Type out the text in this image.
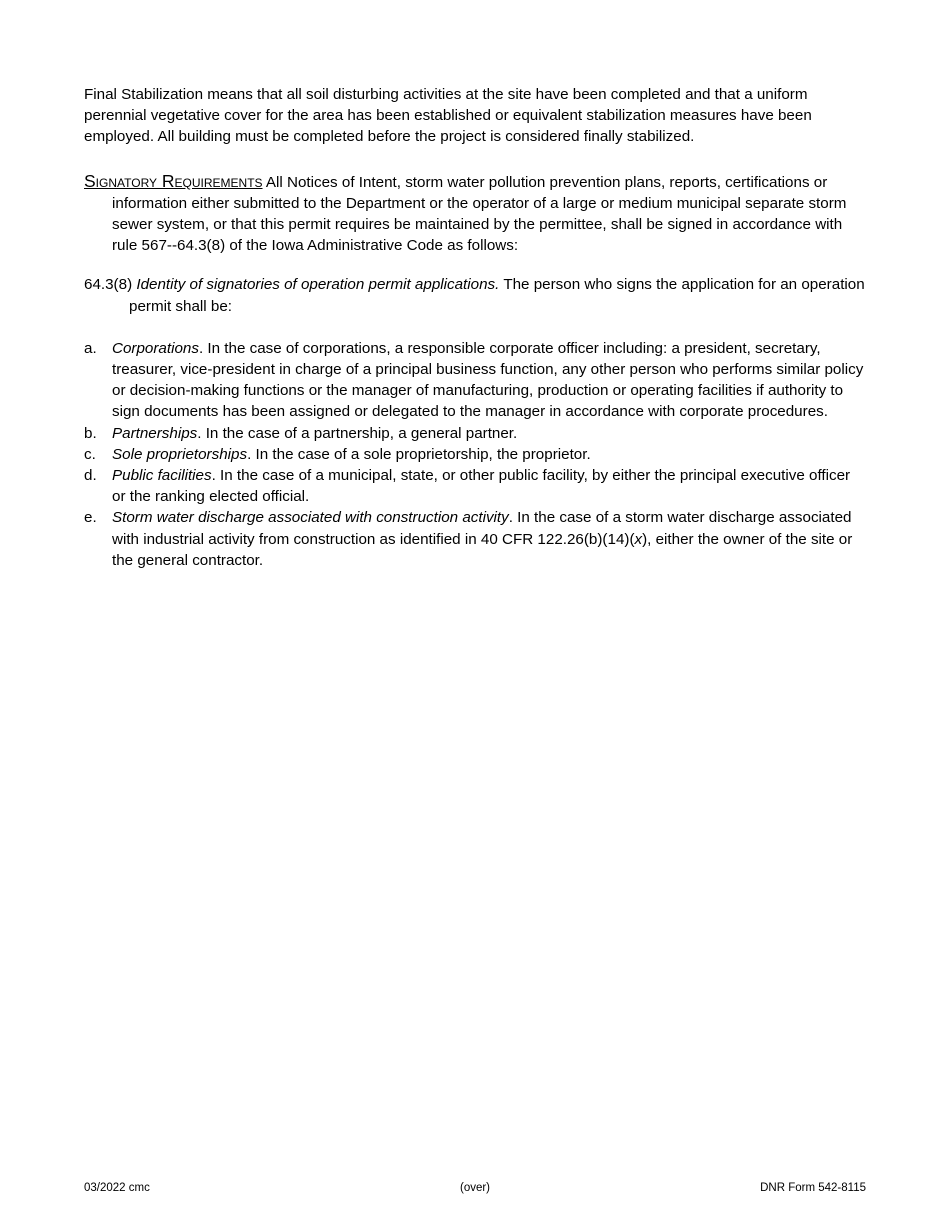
Final Stabilization means that all soil disturbing activities at the site have been completed and that a uniform perennial vegetative cover for the area has been established or equivalent stabilization measures have been employed. All building must be completed before the project is considered finally stabilized.

Signatory Requirements All Notices of Intent, storm water pollution prevention plans, reports, certifications or information either submitted to the Department or the operator of a large or medium municipal separate storm sewer system, or that this permit requires be maintained by the permittee, shall be signed in accordance with rule 567--64.3(8) of the Iowa Administrative Code as follows:

64.3(8) Identity of signatories of operation permit applications. The person who signs the application for an operation permit shall be:

a. Corporations. In the case of corporations, a responsible corporate officer including: a president, secretary, treasurer, vice-president in charge of a principal business function, any other person who performs similar policy or decision-making functions or the manager of manufacturing, production or operating facilities if authority to sign documents has been assigned or delegated to the manager in accordance with corporate procedures.
b. Partnerships. In the case of a partnership, a general partner.
c. Sole proprietorships. In the case of a sole proprietorship, the proprietor.
d. Public facilities. In the case of a municipal, state, or other public facility, by either the principal executive officer or the ranking elected official.
e. Storm water discharge associated with construction activity. In the case of a storm water discharge associated with industrial activity from construction as identified in 40 CFR 122.26(b)(14)(x), either the owner of the site or the general contractor.
03/2022 cmc	(over)	DNR Form 542-8115
